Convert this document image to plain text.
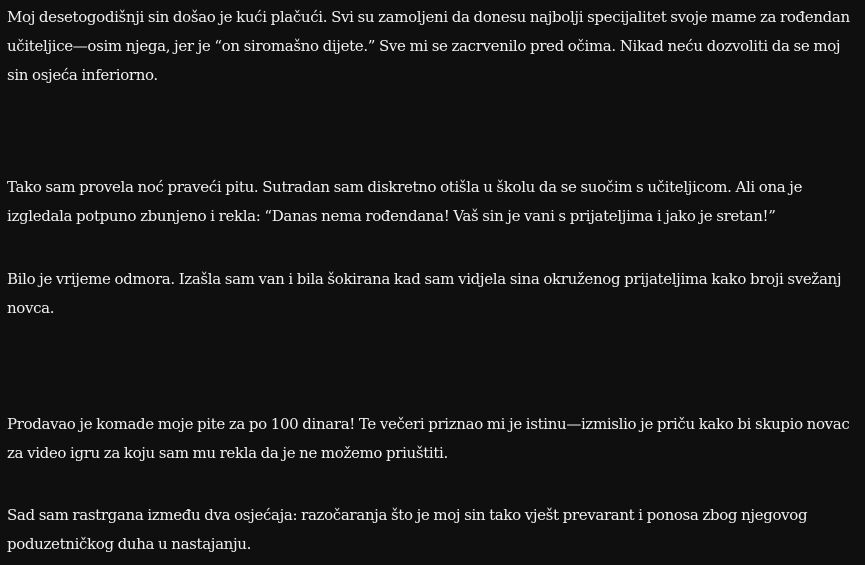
Moj desetogodišnji sin došao je kući plačući. Svi su zamoljeni da donesu najbolji specijalitet svoje mame za rođendan učiteljice—osim njega, jer je “on siromašno dijete.” Sve mi se zacrvenilo pred očima. Nikad neću dozvoliti da se moj sin osjeća inferiorno.

Tako sam provela noć praveći pitu. Sutradan sam diskretno otišla u školu da se suočim s učiteljicom. Ali ona je izgledala potpuno zbunjeno i rekla: “Danas nema rođendana! Vaš sin je vani s prijateljima i jako je sretan!”

Bilo je vrijeme odmora. Izašla sam van i bila šokirana kad sam vidjela sina okruženog prijateljima kako broji svežanj novca.

Prodavao je komade moje pite za po 100 dinara! Te večeri priznao mi je istinu—izmislio je priču kako bi skupio novac za video igru za koju sam mu rekla da je ne možemo priuštiti.

Sad sam rastrgana između dva osjećaja: razočaranja što je moj sin tako vješt prevarant i ponosa zbog njegovog poduzetničkog duha u nastajanju.
